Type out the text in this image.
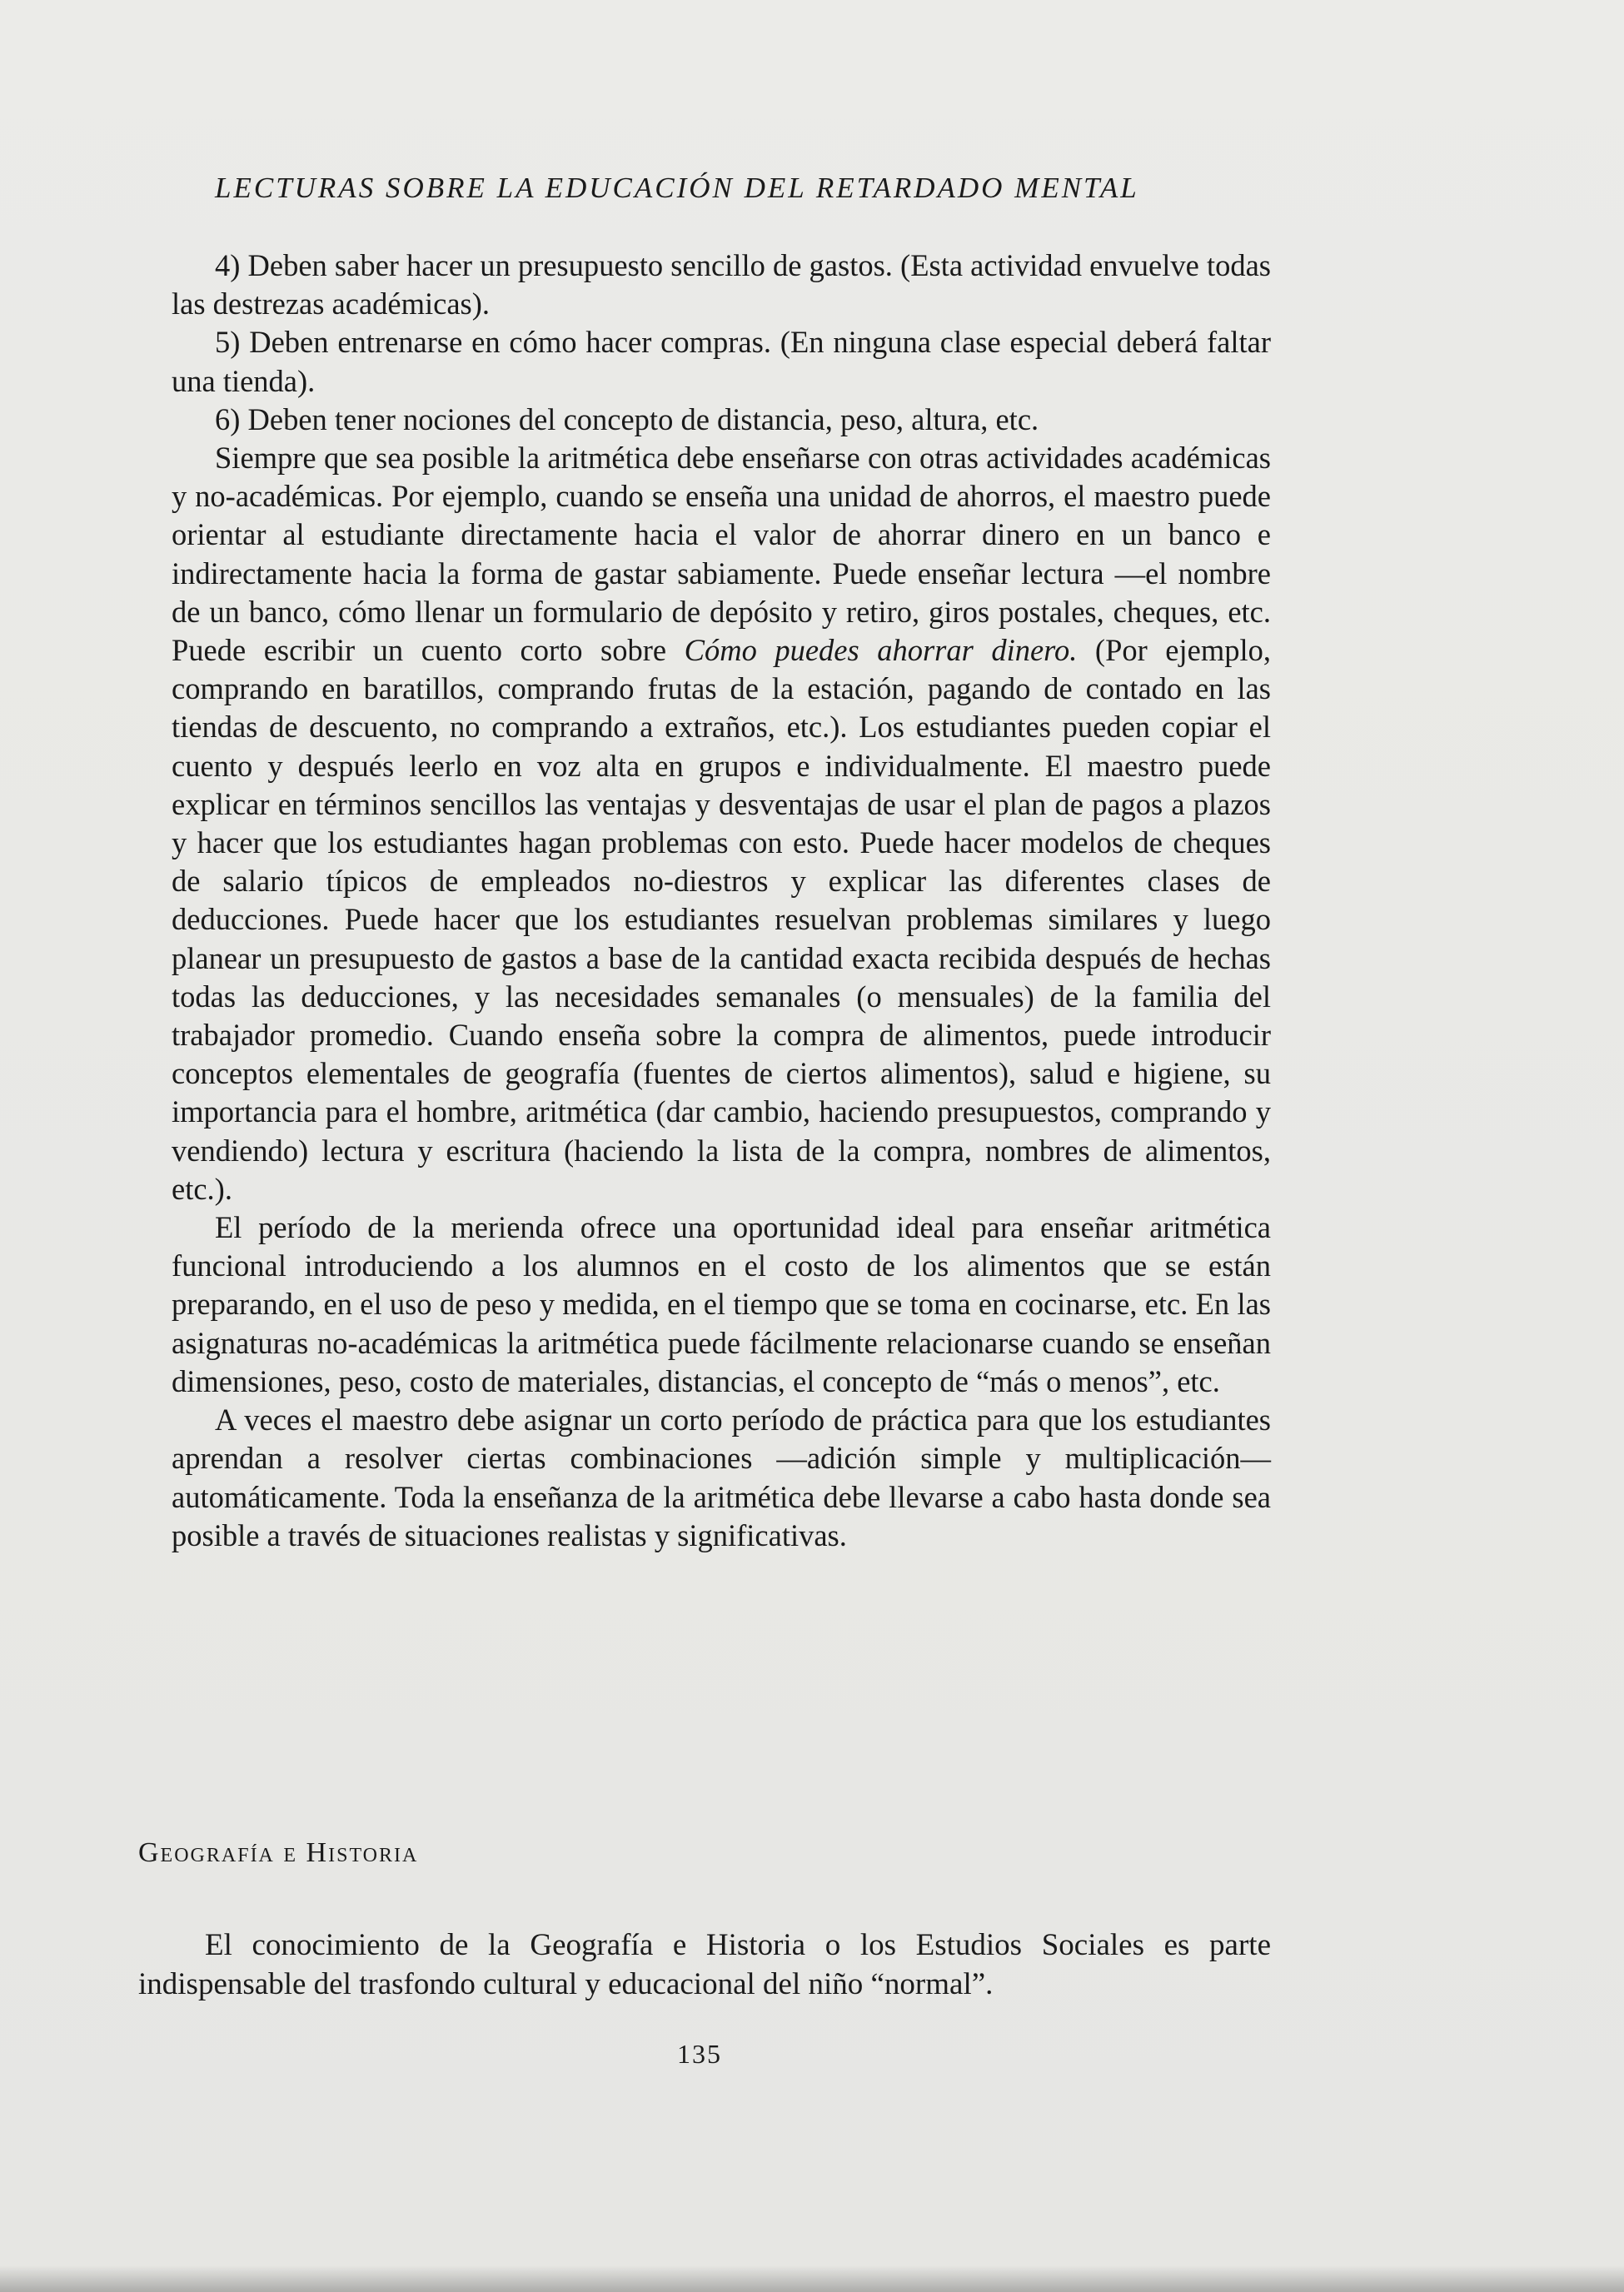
LECTURAS SOBRE LA EDUCACIÓN DEL RETARDADO MENTAL

4) Deben saber hacer un presupuesto sencillo de gastos. (Esta actividad envuelve todas las destrezas académicas).

5) Deben entrenarse en cómo hacer compras. (En ninguna clase especial deberá faltar una tienda).

6) Deben tener nociones del concepto de distancia, peso, altura, etc.

Siempre que sea posible la aritmética debe enseñarse con otras actividades académicas y no-académicas. Por ejemplo, cuando se enseña una unidad de ahorros, el maestro puede orientar al estudiante directamente hacia el valor de ahorrar dinero en un banco e indirectamente hacia la forma de gastar sabiamente. Puede enseñar lectura —el nombre de un banco, cómo llenar un formulario de depósito y retiro, giros postales, cheques, etc. Puede escribir un cuento corto sobre Cómo puedes ahorrar dinero. (Por ejemplo, comprando en baratillos, comprando frutas de la estación, pagando de contado en las tiendas de descuento, no comprando a extraños, etc.). Los estudiantes pueden copiar el cuento y después leerlo en voz alta en grupos e individualmente. El maestro puede explicar en términos sencillos las ventajas y desventajas de usar el plan de pagos a plazos y hacer que los estudiantes hagan problemas con esto. Puede hacer modelos de cheques de salario típicos de empleados no-diestros y explicar las diferentes clases de deducciones. Puede hacer que los estudiantes resuelvan problemas similares y luego planear un presupuesto de gastos a base de la cantidad exacta recibida después de hechas todas las deducciones, y las necesidades semanales (o mensuales) de la familia del trabajador promedio. Cuando enseña sobre la compra de alimentos, puede introducir conceptos elementales de geografía (fuentes de ciertos alimentos), salud e higiene, su importancia para el hombre, aritmética (dar cambio, haciendo presupuestos, comprando y vendiendo) lectura y escritura (haciendo la lista de la compra, nombres de alimentos, etc.).

El período de la merienda ofrece una oportunidad ideal para enseñar aritmética funcional introduciendo a los alumnos en el costo de los alimentos que se están preparando, en el uso de peso y medida, en el tiempo que se toma en cocinarse, etc. En las asignaturas no-académicas la aritmética puede fácilmente relacionarse cuando se enseñan dimensiones, peso, costo de materiales, distancias, el concepto de “más o menos”, etc.

A veces el maestro debe asignar un corto período de práctica para que los estudiantes aprendan a resolver ciertas combinaciones —adición simple y multiplicación— automáticamente. Toda la enseñanza de la aritmética debe llevarse a cabo hasta donde sea posible a través de situaciones realistas y significativas.

Geografía e Historia

El conocimiento de la Geografía e Historia o los Estudios Sociales es parte indispensable del trasfondo cultural y educacional del niño “normal”.

135
